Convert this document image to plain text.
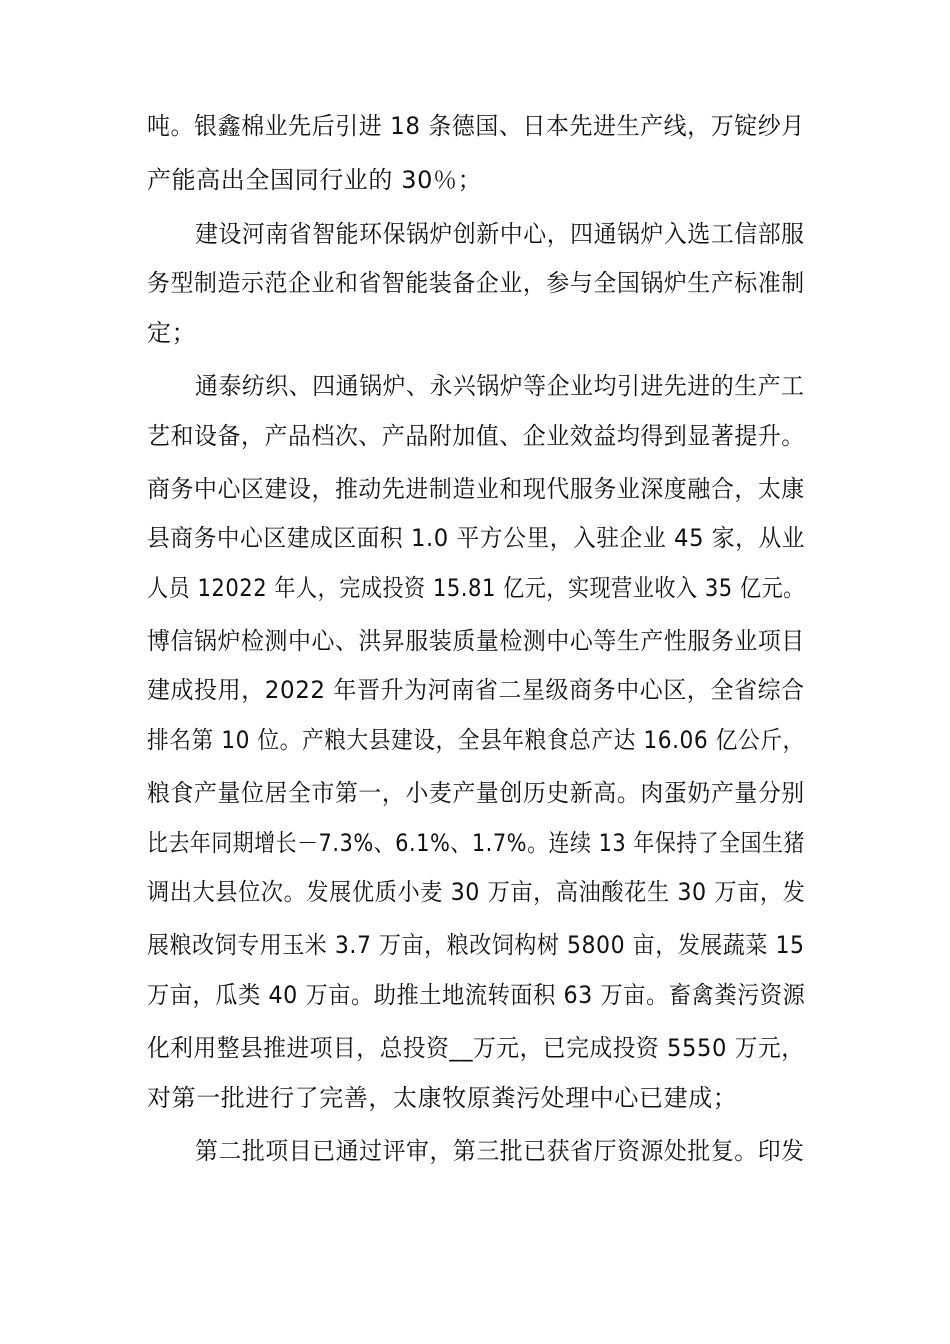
吨。银鑫棉业先后引进 18 条德国、日本先进生产线，万锭纱月
产能高出全国同行业的 30％；
建设河南省智能环保锅炉创新中心，四通锅炉入选工信部服
务型制造示范企业和省智能装备企业，参与全国锅炉生产标准制
定；
通泰纺织、四通锅炉、永兴锅炉等企业均引进先进的生产工
艺和设备，产品档次、产品附加值、企业效益均得到显著提升。
商务中心区建设，推动先进制造业和现代服务业深度融合，太康
县商务中心区建成区面积 1.0 平方公里，入驻企业 45 家，从业
人员 12022 年人，完成投资 15.81 亿元，实现营业收入 35 亿元。
博信锅炉检测中心、洪昇服装质量检测中心等生产性服务业项目
建成投用，2022 年晋升为河南省二星级商务中心区，全省综合
排名第 10 位。产粮大县建设，全县年粮食总产达 16.06 亿公斤，
粮食产量位居全市第一，小麦产量创历史新高。肉蛋奶产量分别
比去年同期增长－7.3%、6.1%、1.7%。连续 13 年保持了全国生猪
调出大县位次。发展优质小麦 30 万亩，高油酸花生 30 万亩，发
展粮改饲专用玉米 3.7 万亩，粮改饲构树 5800 亩，发展蔬菜 15
万亩，瓜类 40 万亩。助推土地流转面积 63 万亩。畜禽粪污资源
化利用整县推进项目，总投资__万元，已完成投资 5550 万元，
对第一批进行了完善，太康牧原粪污处理中心已建成；
第二批项目已通过评审，第三批已获省厅资源处批复。印发
